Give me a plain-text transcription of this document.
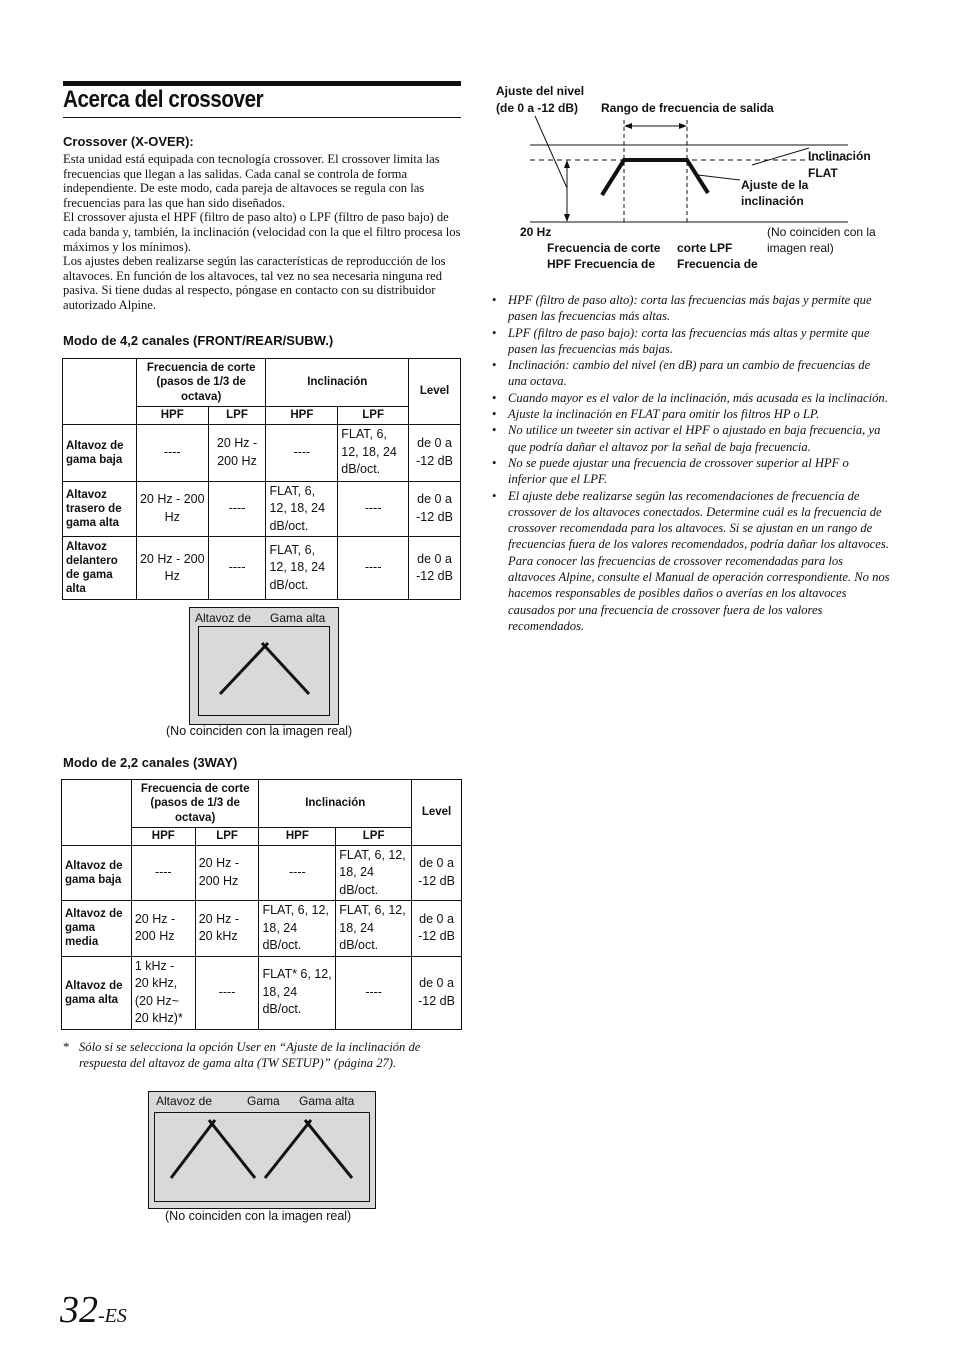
Acerca del crossover
Crossover (X-OVER):

Esta unidad está equipada con tecnología crossover. El crossover limita las frecuencias que llegan a las salidas. Cada canal se controla de forma independiente. De este modo, cada pareja de altavoces se regula con las frecuencias para las que han sido diseñados.

El crossover ajusta el HPF (filtro de paso alto) o LPF (filtro de paso bajo) de cada banda y, también, la inclinación (velocidad con la que el filtro procesa los máximos y los mínimos).

Los ajustes deben realizarse según las características de reproducción de los altavoces. En función de los altavoces, tal vez no sea necesaria ninguna red pasiva. Si tiene dudas al respecto, póngase en contacto con su distribuidor autorizado Alpine.

Modo de 4,2 canales (FRONT/REAR/SUBW.)
	Frecuencia de corte (pasos de 1/3 de octava)		Inclinación		Level
	HPF	LPF	HPF	LPF	
Altavoz de gama baja	----	20 Hz - 200 Hz	----	FLAT, 6, 12, 18, 24 dB/oct.	de 0 a -12 dB
Altavoz trasero de gama alta	20 Hz - 200 Hz	----	FLAT, 6, 12, 18, 24 dB/oct.	----	de 0 a -12 dB
Altavoz delantero de gama alta	20 Hz - 200 Hz	----	FLAT, 6, 12, 18, 24 dB/oct.	----	de 0 a -12 dB
Altavoz de Gama alta
(No coinciden con la imagen real)
Modo de 2,2 canales (3WAY)
	Frecuencia de corte (pasos de 1/3 de octava)		Inclinación		Level
	HPF	LPF	HPF	LPF	
Altavoz de gama baja	----	20 Hz - 200 Hz	----	FLAT, 6, 12, 18, 24 dB/oct.	de 0 a -12 dB
Altavoz de gama media	20 Hz - 200 Hz	20 Hz - 20 kHz	FLAT, 6, 12, 18, 24 dB/oct.	FLAT, 6, 12, 18, 24 dB/oct.	de 0 a -12 dB
Altavoz de gama alta	1 kHz - 20 kHz, (20 Hz~ 20 kHz)*	----	FLAT* 6, 12, 18, 24 dB/oct.	----	de 0 a -12 dB
* Sólo si se selecciona la opción User en “Ajuste de la inclinación de respuesta del altavoz de gama alta (TW SETUP)” (página 27).
Altavoz de	Gama Gama alta
(No coinciden con la imagen real)
Ajuste del nivel
(de 0 a -12 dB) Rango de frecuencia de salida
Inclinación
FLAT
Ajuste de la
inclinación
20 Hz
Frecuencia de corte
HPF Frecuencia de
corte LPF
Frecuencia de
(No coinciden con la imagen real)
• HPF (filtro de paso alto): corta las frecuencias más bajas y permite que pasen las frecuencias más altas.
• LPF (filtro de paso bajo): corta las frecuencias más altas y permite que pasen las frecuencias más bajas.
• Inclinación: cambio del nivel (en dB) para un cambio de frecuencias de una octava.
• Cuando mayor es el valor de la inclinación, más acusada es la inclinación.
• Ajuste la inclinación en FLAT para omitir los filtros HP o LP.
• No utilice un tweeter sin activar el HPF o ajustado en baja frecuencia, ya que podría dañar el altavoz por la señal de baja frecuencia.
• No se puede ajustar una frecuencia de crossover superior al HPF o inferior que el LPF.
• El ajuste debe realizarse según las recomendaciones de frecuencia de crossover de los altavoces conectados. Determine cuál es la frecuencia de crossover recomendada para los altavoces. Si se ajustan en un rango de frecuencias fuera de los valores recomendados, podría dañar los altavoces.
Para conocer las frecuencias de crossover recomendadas para los altavoces Alpine, consulte el Manual de operación correspondiente. No nos hacemos responsables de posibles daños o averías en los altavoces causados por una frecuencia de crossover fuera de los valores recomendados.
32-ES
